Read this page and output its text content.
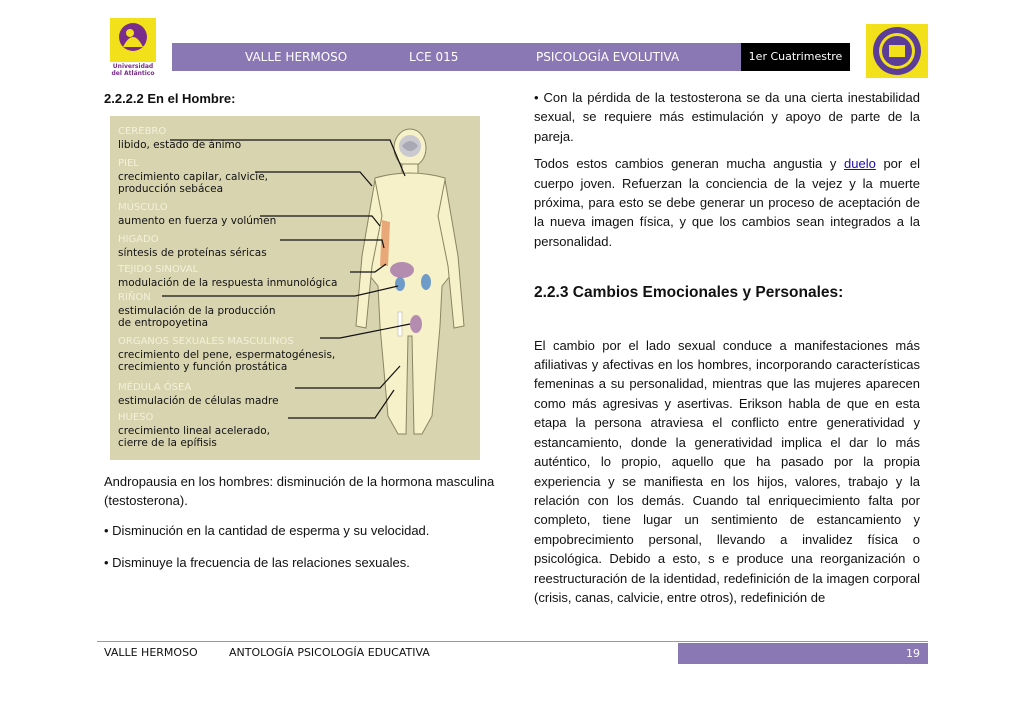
Universidad
del Atlántico
VALLE HERMOSO	LCE 015	PSICOLOGÍA EVOLUTIVA	1er Cuatrimestre
2.2.2.2 En el Hombre:
CEREBRO
libido, estado de ánimo
PIEL
crecimiento capilar, calvicie,
producción sebácea
MÚSCULO
aumento en fuerza y volúmen
HIGADO
síntesis de proteínas séricas
TEJIDO SINOVAL
modulación de la respuesta inmunológica
RIÑON
estimulación de la producción
de entropoyetina
ORGANOS SEXUALES MASCULINOS
crecimiento del pene, espermatogénesis,
crecimiento y función prostática
MÉDULA ÓSEA
estimulación de células madre
HUESO
crecimiento lineal acelerado,
cierre de la epífisis
Andropausia en los hombres: disminución de la hormona masculina (testosterona).
• Disminución en la cantidad de esperma y su velocidad.
• Disminuye la frecuencia de las relaciones sexuales.

• Con la pérdida de la testosterona se da una cierta inestabilidad sexual, se requiere más estimulación y apoyo de parte de la pareja.

Todos estos cambios generan mucha angustia y duelo por el cuerpo joven. Refuerzan la conciencia de la vejez y la muerte próxima, para esto se debe generar un proceso de aceptación de la nueva imagen física, y que los cambios sean integrados a la personalidad.

2.2.3 Cambios Emocionales y Personales:

El cambio por el lado sexual conduce a manifestaciones más afiliativas y afectivas en los hombres, incorporando características femeninas a su personalidad, mientras que las mujeres aparecen como más agresivas y asertivas. Erikson habla de que en esta etapa la persona atraviesa el conflicto entre generatividad y estancamiento, donde la generatividad implica el dar lo más auténtico, lo propio, aquello que ha pasado por la propia experiencia y se manifiesta en los hijos, valores, trabajo y la relación con los demás. Cuando tal enriquecimiento falta por completo, tiene lugar un sentimiento de estancamiento y empobrecimiento personal, llevando a invalidez física o psicológica. Debido a esto, s e produce una reorganización o reestructuración de la identidad, redefinición de la imagen corporal (crisis, canas, calvicie, entre otros), redefinición de

VALLE HERMOSO	ANTOLOGÍA PSICOLOGÍA EDUCATIVA	19
